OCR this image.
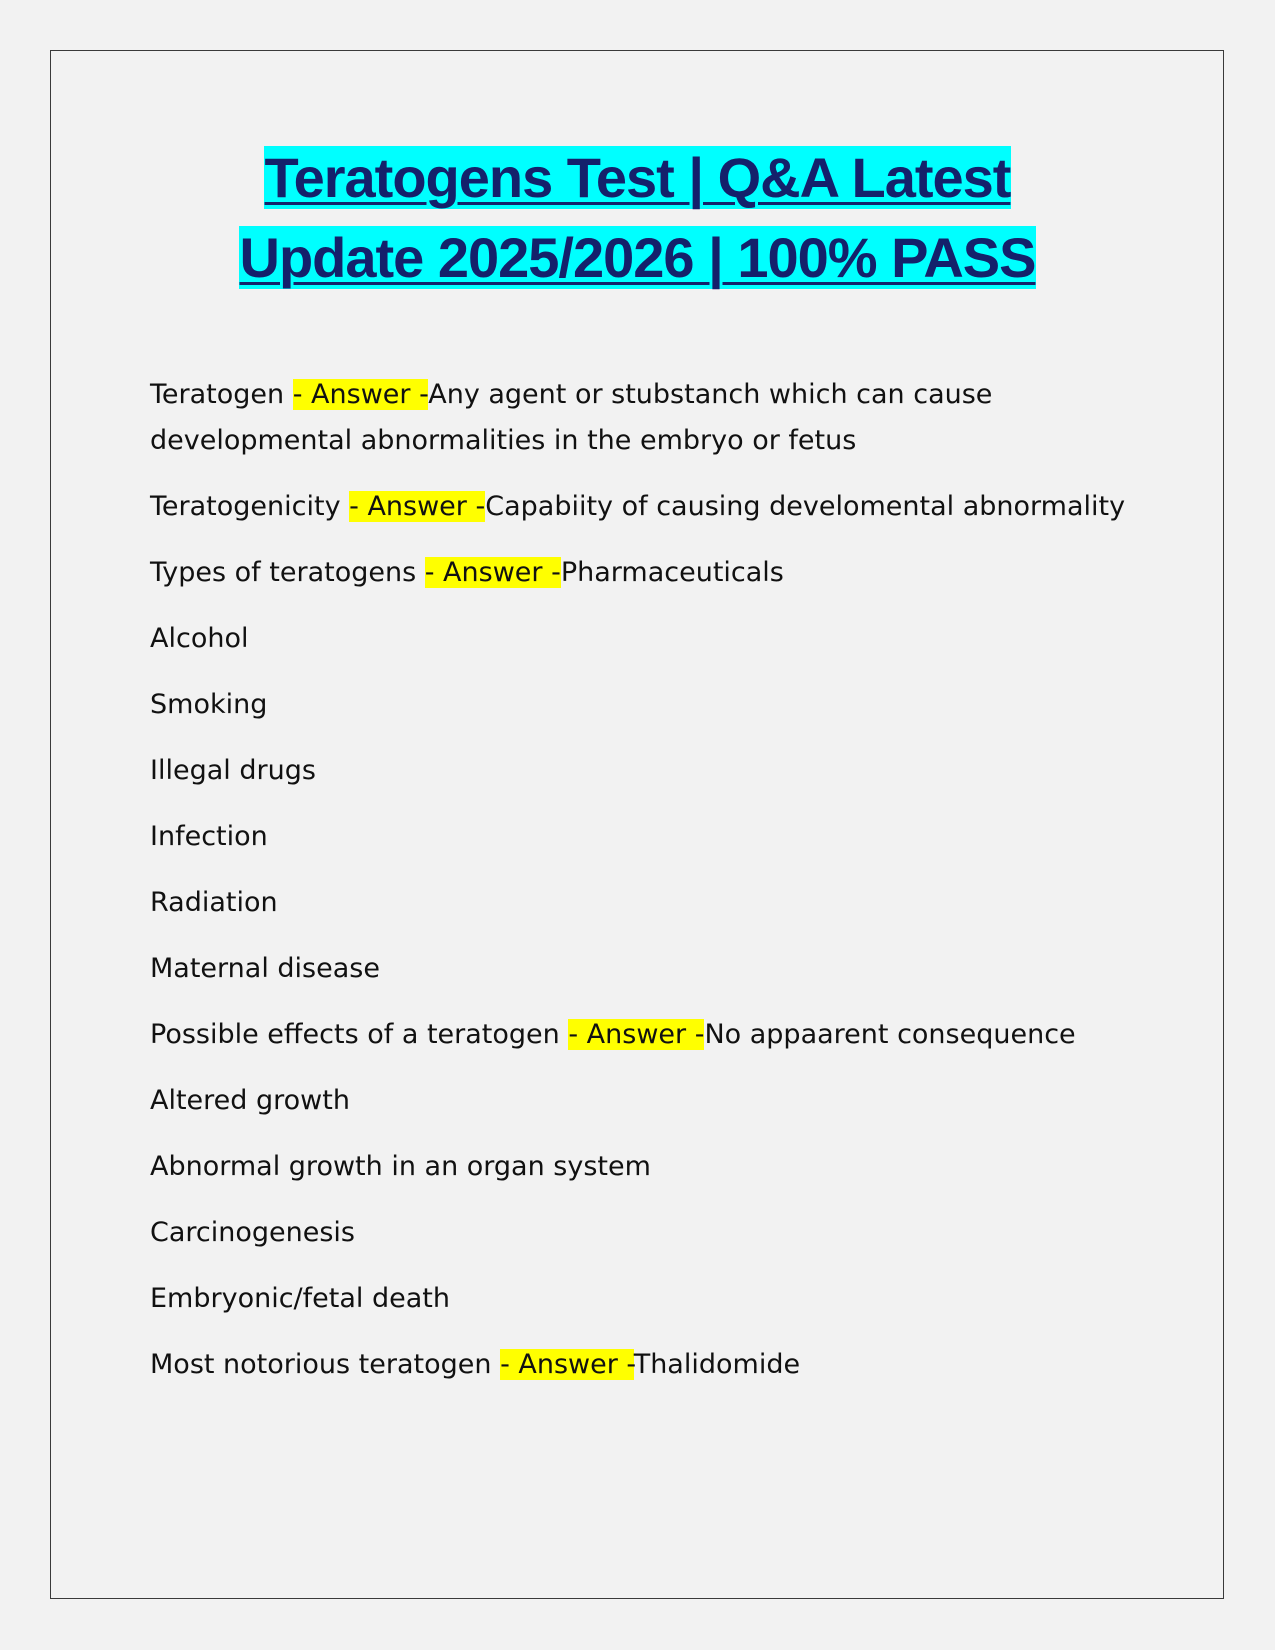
Teratogens Test | Q&A Latest
Update 2025/2026 | 100% PASS

Teratogen - Answer -Any agent or stubstanch which can cause developmental abnormalities in the embryo or fetus

Teratogenicity - Answer -Capabiity of causing develomental abnormality

Types of teratogens - Answer -Pharmaceuticals

Alcohol

Smoking

Illegal drugs

Infection

Radiation

Maternal disease

Possible effects of a teratogen - Answer -No appaarent consequence

Altered growth

Abnormal growth in an organ system

Carcinogenesis

Embryonic/fetal death

Most notorious teratogen - Answer -Thalidomide
